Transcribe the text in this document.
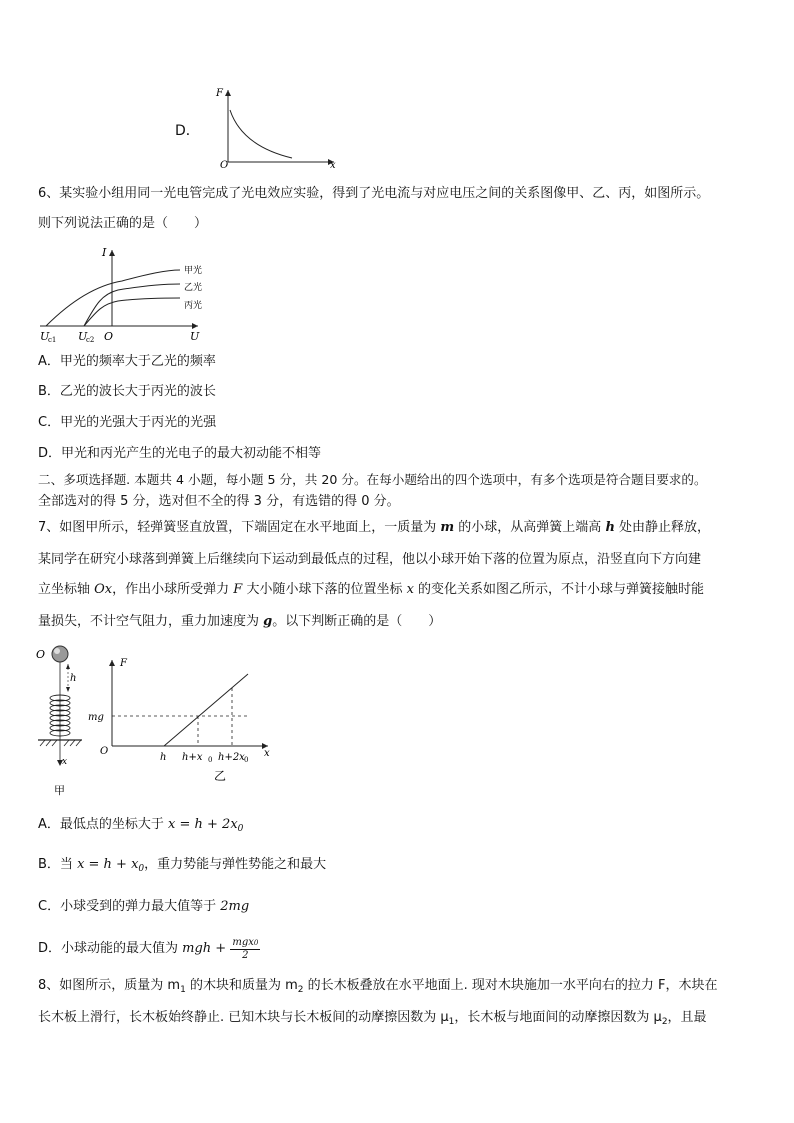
D．
F
x
O
6、某实验小组用同一光电管完成了光电效应实验，得到了光电流与对应电压之间的关系图像甲、乙、丙，如图所示。
则下列说法正确的是（　　）
I
U
O
U
c1 U
c2
甲光
乙光
丙光
A．甲光的频率大于乙光的频率
B．乙光的波长大于丙光的波长
C．甲光的光强大于丙光的光强
D．甲光和丙光产生的光电子的最大初动能不相等
二、多项选择题. 本题共 4 小题，每小题 5 分，共 20 分。在每小题给出的四个选项中，有多个选项是符合题目要求的。
全部选对的得 5 分，选对但不全的得 3 分，有选错的得 0 分。
7、如图甲所示，轻弹簧竖直放置，下端固定在水平地面上，一质量为 m 的小球，从高弹簧上端高 h 处由静止释放，
某同学在研究小球落到弹簧上后继续向下运动到最低点的过程，他以小球开始下落的位置为原点，沿竖直向下方向建
立坐标轴 Ox，作出小球所受弹力 F 大小随小球下落的位置坐标 x 的变化关系如图乙所示，不计小球与弹簧接触时能
量损失，不计空气阻力，重力加速度为 g。以下判断正确的是（　　）
O
h
x
甲
F
x
O
mg
h h+x 0 h+2x 0
乙
A．最低点的坐标大于 $x = h + 2x_0$
B．当 $x = h + x_0$，重力势能与弹性势能之和最大
C．小球受到的弹力最大值等于 2mg
D．小球动能的最大值为 mgh + $\frac{\text{mgx0}}{2}$
8、如图所示，质量为 $m_1$ 的木块和质量为 $m_2$ 的长木板叠放在水平地面上. 现对木块施加一水平向右的拉力 F，木块在
长木板上滑行，长木板始终静止. 已知木块与长木板间的动摩擦因数为 $\mu_1$，长木板与地面间的动摩擦因数为 $\mu_2$，且最
